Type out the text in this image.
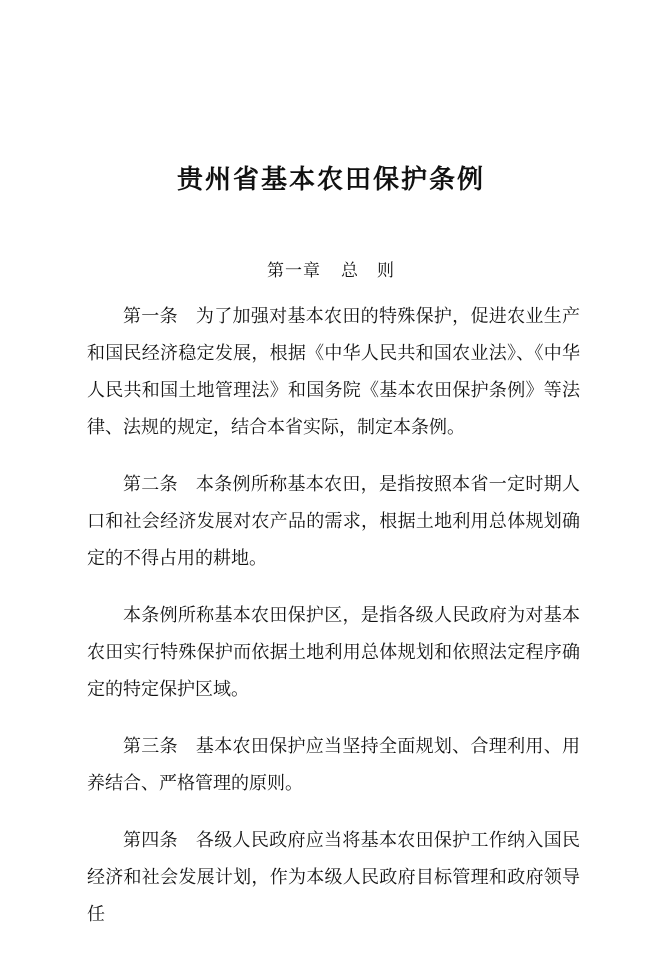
贵州省基本农田保护条例
第一章 总　则

第一条 为了加强对基本农田的特殊保护，促进农业生产和国民经济稳定发展，根据《中华人民共和国农业法》、《中华人民共和国土地管理法》和国务院《基本农田保护条例》等法律、法规的规定，结合本省实际，制定本条例。

第二条 本条例所称基本农田，是指按照本省一定时期人口和社会经济发展对农产品的需求，根据土地利用总体规划确定的不得占用的耕地。

本条例所称基本农田保护区，是指各级人民政府为对基本农田实行特殊保护而依据土地利用总体规划和依照法定程序确定的特定保护区域。

第三条 基本农田保护应当坚持全面规划、合理利用、用养结合、严格管理的原则。

第四条 各级人民政府应当将基本农田保护工作纳入国民经济和社会发展计划，作为本级人民政府目标管理和政府领导任
